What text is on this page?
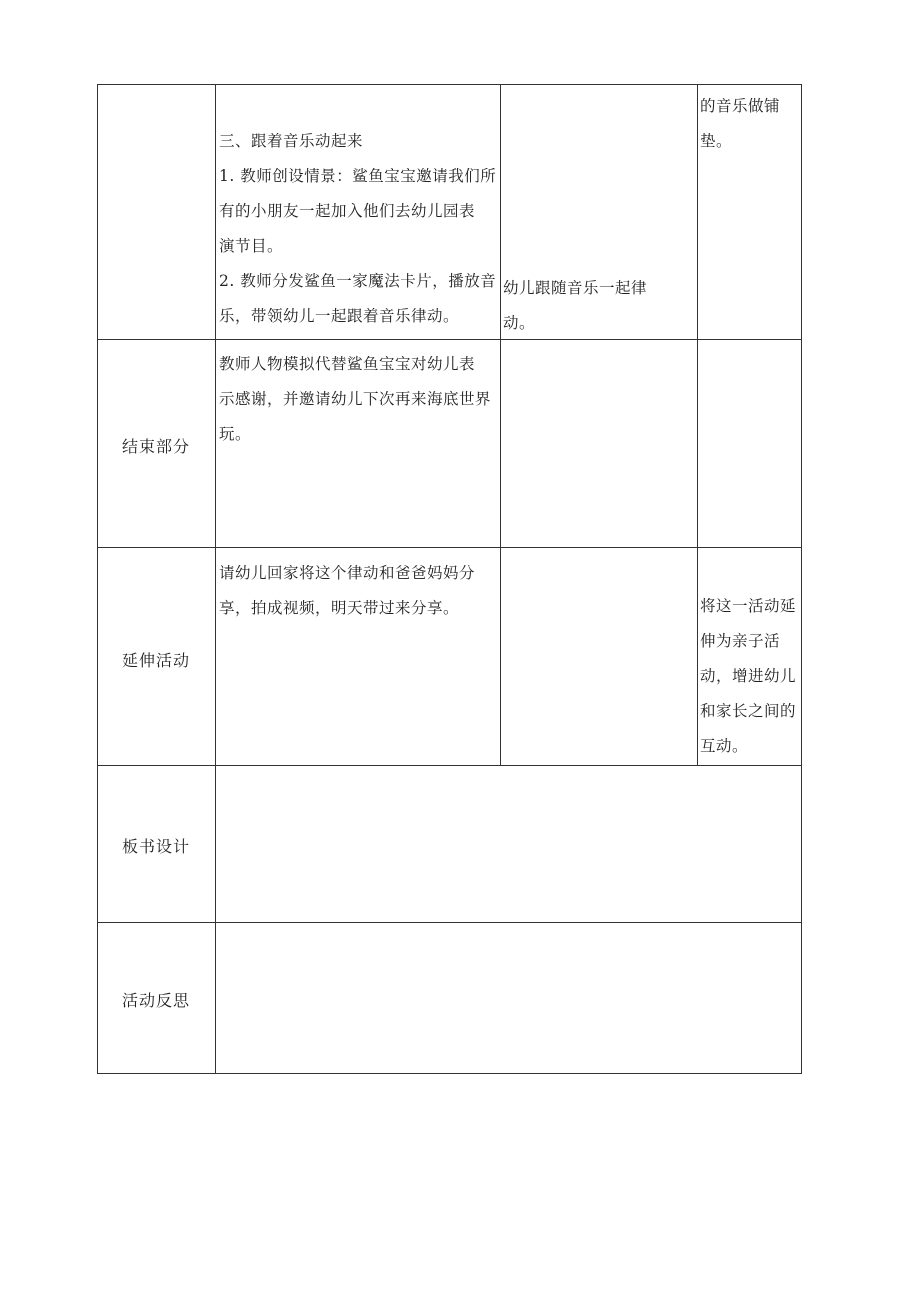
三、跟着音乐动起来
1. 教师创设情景：鲨鱼宝宝邀请我们所
有的小朋友一起加入他们去幼儿园表
演节目。
2. 教师分发鲨鱼一家魔法卡片，播放音
乐，带领幼儿一起跟着音乐律动。
幼儿跟随音乐一起律
动。
的音乐做铺
垫。
结束部分
教师人物模拟代替鲨鱼宝宝对幼儿表
示感谢，并邀请幼儿下次再来海底世界
玩。
延伸活动
请幼儿回家将这个律动和爸爸妈妈分
享，拍成视频，明天带过来分享。	将这一活动延
伸为亲子活
动，增进幼儿
和家长之间的
互动。
板书设计
活动反思
